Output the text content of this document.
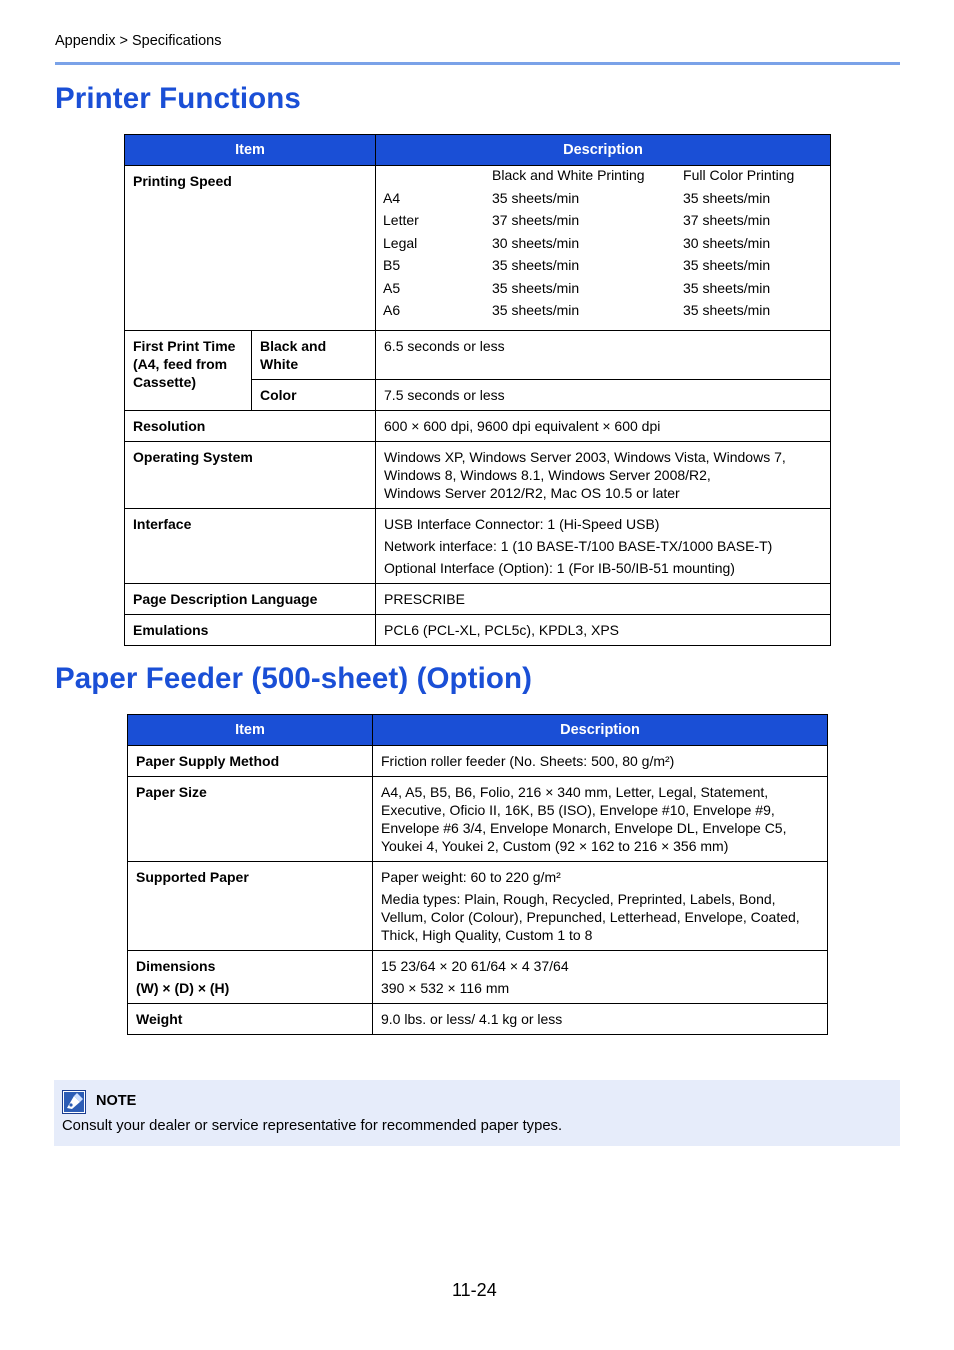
Appendix > Specifications
Printer Functions
Item	Description
Printing Speed	
		Black and White Printing	Full Color Printing
A4	35 sheets/min	35 sheets/min
Letter	37 sheets/min	37 sheets/min
Legal	30 sheets/min	30 sheets/min
B5	35 sheets/min	35 sheets/min
A5	35 sheets/min	35 sheets/min
A6	35 sheets/min	35 sheets/min

First Print Time (A4, feed from Cassette)	Black and White	6.5 seconds or less
Color	7.5 seconds or less
Resolution	600 × 600 dpi, 9600 dpi equivalent × 600 dpi
Operating System	Windows XP, Windows Server 2003, Windows Vista, Windows 7,
Windows 8, Windows 8.1, Windows Server 2008/R2,
Windows Server 2012/R2, Mac OS 10.5 or later

Interface	USB Interface Connector: 1 (Hi-Speed USB)
Network interface: 1 (10 BASE-T/100 BASE-TX/1000 BASE-T)
Optional Interface (Option): 1 (For IB-50/IB-51 mounting)

Page Description Language	PRESCRIBE
Emulations	PCL6 (PCL-XL, PCL5c), KPDL3, XPS
Paper Feeder (500-sheet) (Option)
Item	Description
Paper Supply Method	Friction roller feeder (No. Sheets: 500, 80 g/m²)
Paper Size	A4, A5, B5, B6, Folio, 216 × 340 mm, Letter, Legal, Statement,
Executive, Oficio II, 16K, B5 (ISO), Envelope #10, Envelope #9,
Envelope #6 3/4, Envelope Monarch, Envelope DL, Envelope C5,
Youkei 4, Youkei 2, Custom (92 × 162 to 216 × 356 mm)

Supported Paper	Paper weight: 60 to 220 g/m²
Media types: Plain, Rough, Recycled, Preprinted, Labels, Bond,
Vellum, Color (Colour), Prepunched, Letterhead, Envelope, Coated,
Thick, High Quality, Custom 1 to 8

Dimensions
(W) × (D) × (H)	15 23/64 × 20 61/64 × 4 37/64
390 × 532 × 116 mm

Weight	9.0 lbs. or less/ 4.1 kg or less
NOTE
Consult your dealer or service representative for recommended paper types.
11-24
